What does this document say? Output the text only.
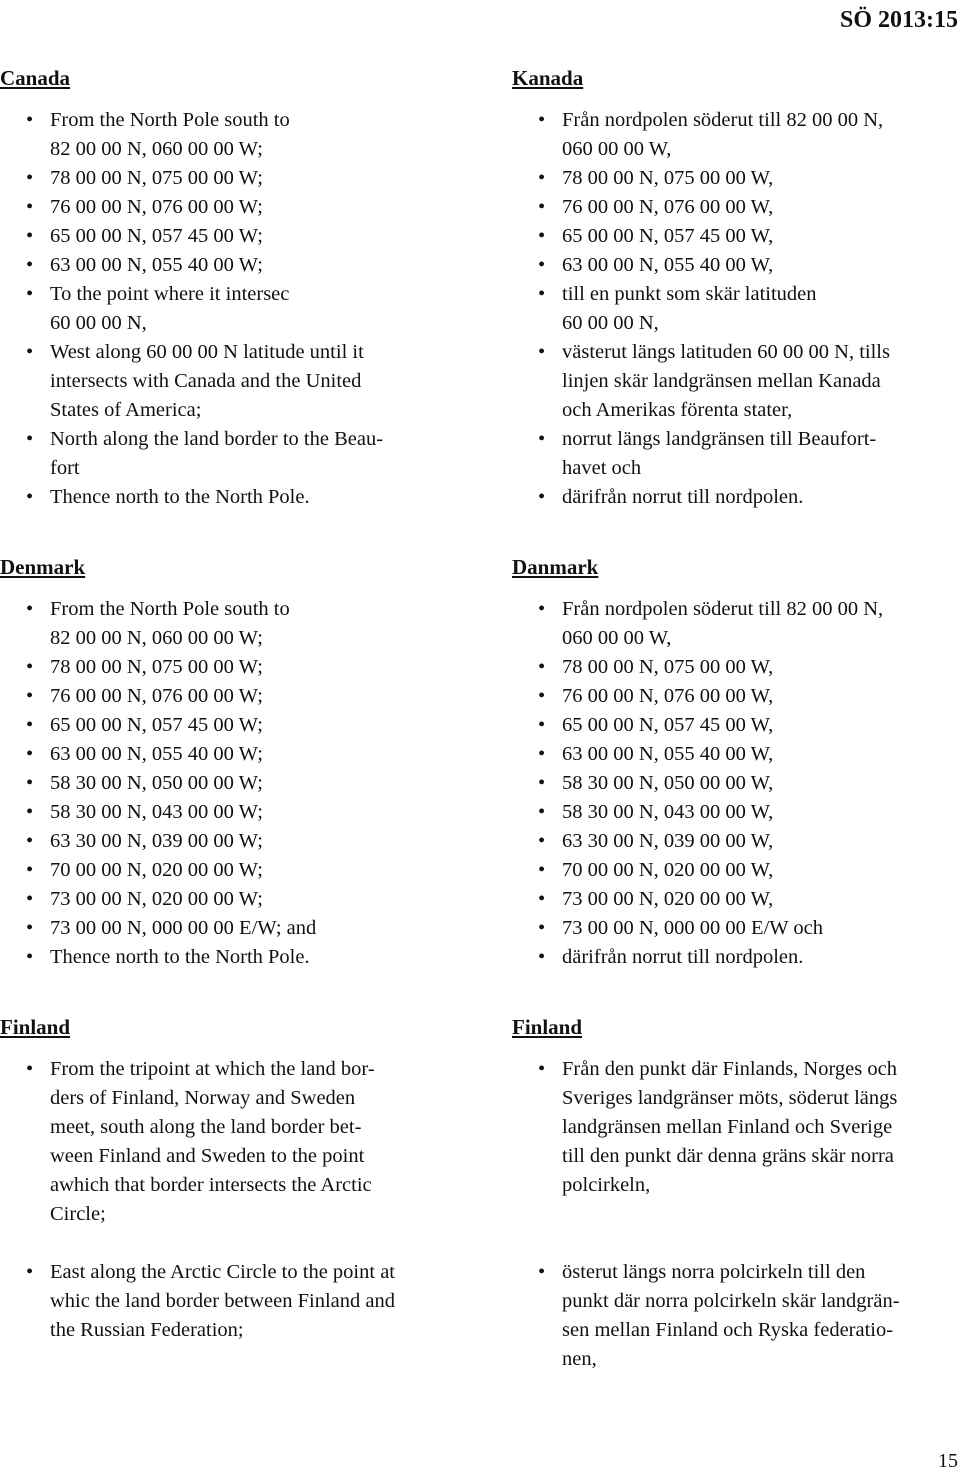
SÖ 2013:15
Canada
• From the North Pole south to
82 00 00 N, 060 00 00 W;
• 78 00 00 N, 075 00 00 W;
• 76 00 00 N, 076 00 00 W;
• 65 00 00 N, 057 45 00 W;
• 63 00 00 N, 055 40 00 W;
• To the point where it intersec
60 00 00 N,
• West along 60 00 00 N latitude until it
intersects with Canada and the United
States of America;
• North along the land border to the Beau-
fort
• Thence north to the North Pole.
Kanada
• Från nordpolen söderut till 82 00 00 N,
060 00 00 W,
• 78 00 00 N, 075 00 00 W,
• 76 00 00 N, 076 00 00 W,
• 65 00 00 N, 057 45 00 W,
• 63 00 00 N, 055 40 00 W,
• till en punkt som skär latituden
60 00 00 N,
• västerut längs latituden 60 00 00 N, tills
linjen skär landgränsen mellan Kanada
och Amerikas förenta stater,
• norrut längs landgränsen till Beaufort-
havet och
• därifrån norrut till nordpolen.
Denmark
• From the North Pole south to
82 00 00 N, 060 00 00 W;
• 78 00 00 N, 075 00 00 W;
• 76 00 00 N, 076 00 00 W;
• 65 00 00 N, 057 45 00 W;
• 63 00 00 N, 055 40 00 W;
• 58 30 00 N, 050 00 00 W;
• 58 30 00 N, 043 00 00 W;
• 63 30 00 N, 039 00 00 W;
• 70 00 00 N, 020 00 00 W;
• 73 00 00 N, 020 00 00 W;
• 73 00 00 N, 000 00 00 E/W; and
• Thence north to the North Pole.
Danmark
• Från nordpolen söderut till 82 00 00 N,
060 00 00 W,
• 78 00 00 N, 075 00 00 W,
• 76 00 00 N, 076 00 00 W,
• 65 00 00 N, 057 45 00 W,
• 63 00 00 N, 055 40 00 W,
• 58 30 00 N, 050 00 00 W,
• 58 30 00 N, 043 00 00 W,
• 63 30 00 N, 039 00 00 W,
• 70 00 00 N, 020 00 00 W,
• 73 00 00 N, 020 00 00 W,
• 73 00 00 N, 000 00 00 E/W och
• därifrån norrut till nordpolen.
Finland
• From the tripoint at which the land bor-
ders of Finland, Norway and Sweden
meet, south along the land border bet-
ween Finland and Sweden to the point
awhich that border intersects the Arctic
Circle;
• East along the Arctic Circle to the point at
whic the land border between Finland and
the Russian Federation;
Finland
• Från den punkt där Finlands, Norges och
Sveriges landgränser möts, söderut längs
landgränsen mellan Finland och Sverige
till den punkt där denna gräns skär norra
polcirkeln,
• österut längs norra polcirkeln till den
punkt där norra polcirkeln skär landgrän-
sen mellan Finland och Ryska federatio-
nen,
15
